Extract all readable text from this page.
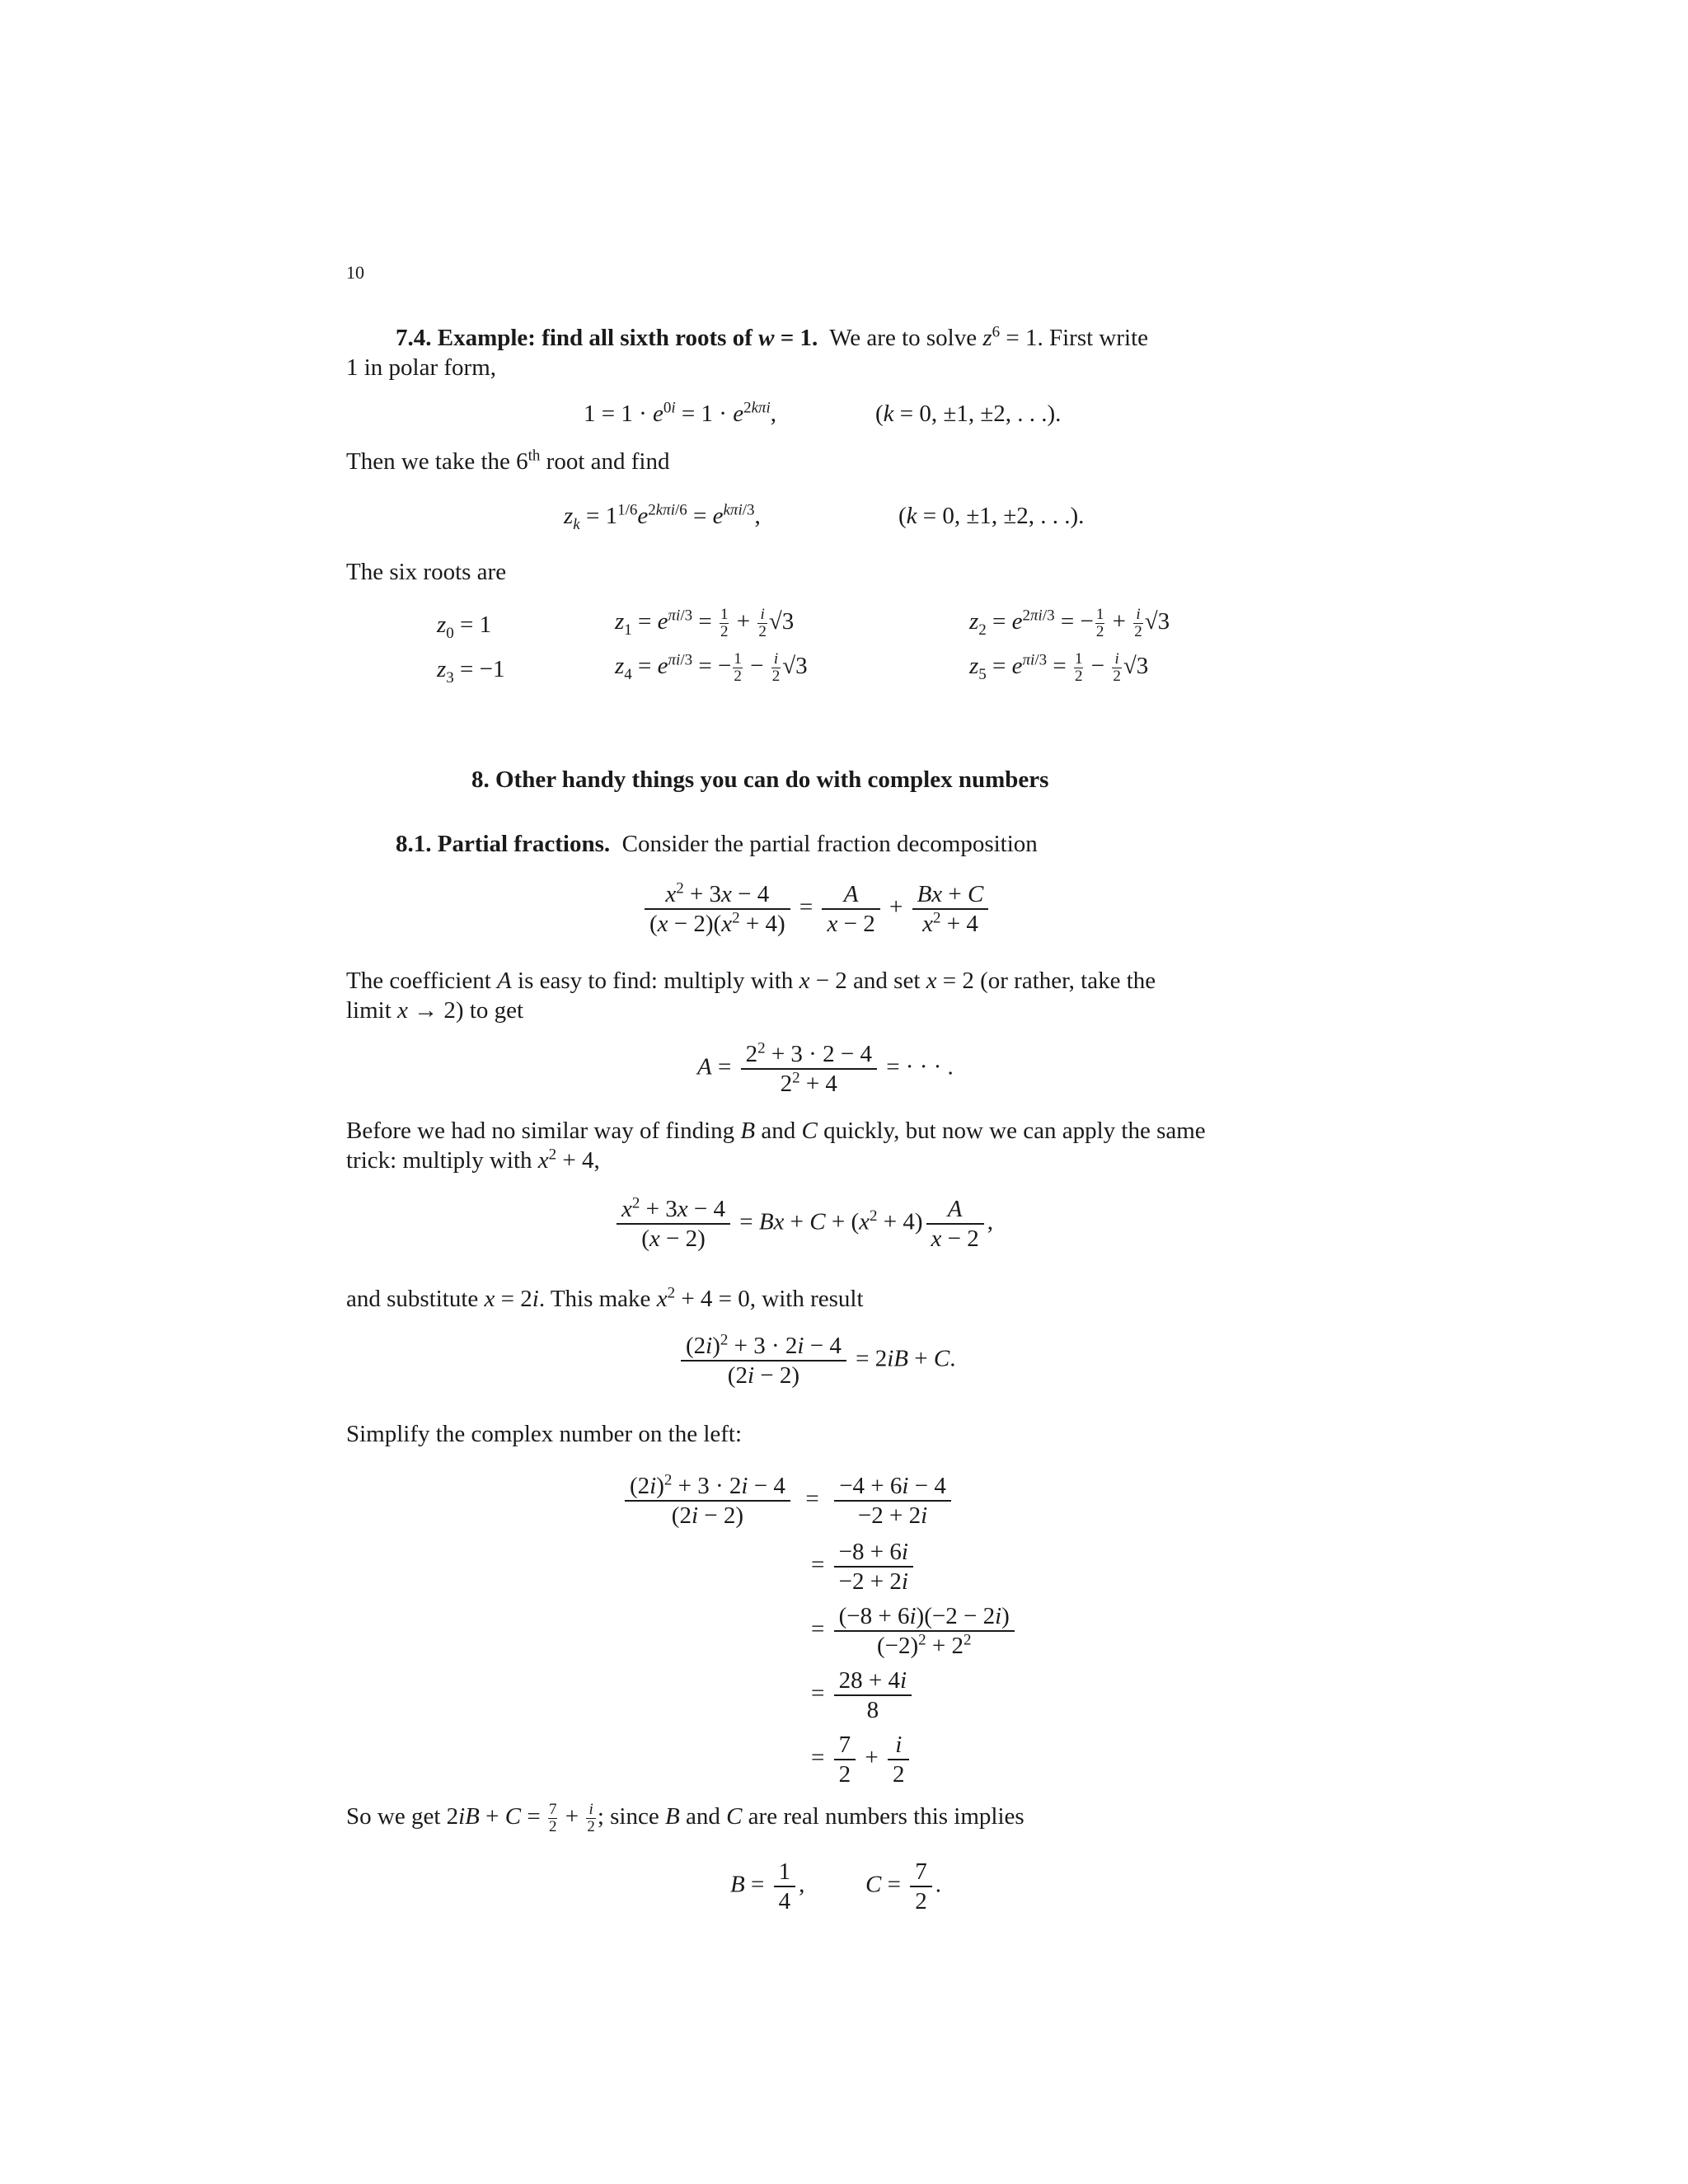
10
7.4. Example: find all sixth roots of w = 1.  We are to solve $z^6 = 1$. First write
1 in polar form,
$1 = 1 \cdot e^{0i} = 1 \cdot e^{2k\pi i}$,	(k = 0, ±1, ±2, . . .).
Then we take the 6th root and find
$z_k = 1^{1/6}e^{2k\pi i/6} = e^{k\pi i/3}$,	(k = 0, ±1, ±2, . . .).
The six roots are
$z_0 = 1$	$z_1 = e^{\pi i/3} = \frac{1}{2} + \frac{i}{2} √3$	$z_2 = e^{2\pi i/3}$ = − $\frac{1}{2} + \frac{i}{2} √3$
$z_3 = -1$	$z_4 = e^{\pi i/3}$ = − $\frac{1}{2} - \frac{i}{2} √3$	$z_5 = e^{\pi i/3} = \frac{1}{2} - \frac{i}{2} √3$
8. Other handy things you can do with complex numbers
8.1. Partial fractions. Consider the partial fraction decomposition
$\frac{x^2 + 3x - 4}{(x - 2)(x^2 + 4)} = \frac{A}{x - 2} + \frac{Bx + C}{x^2 + 4}$
The coefficient A is easy to find: multiply with x − 2 and set x = 2 (or rather, take the
limit x → 2) to get
$A = \frac{2^2 + 3 \cdot 2 - 4}{2^2 + 4}$ = · · · .
Before we had no similar way of finding B and C quickly, but now we can apply the same
trick: multiply with $x^2 + 4$,
$\frac{x^2 + 3x - 4}{(x - 2)} = Bx + C + (x^2 + 4) \frac{A}{x - 2}$ ,
and substitute x = 2i. This make $x^2 + 4 = 0$, with result
$\frac{(2i)^2 + 3 \cdot 2i - 4}{(2i - 2)} = 2iB + C$.
Simplify the complex number on the left:
$\frac{(2i)^2 + 3 \cdot 2i - 4}{(2i - 2)} = \frac{-4 + 6i - 4}{-2 + 2i}$
= $\frac{-8 + 6i}{-2 + 2i}$
= $\frac{(-8 + 6i)(-2 - 2i)}{(-2)^2 + 2^2}$
= $\frac{28 + 4i}{8}$
= $\frac{7}{2} + \frac{i}{2}$
So we get $2iB + C = \frac{7}{2} + \frac{i}{2}$ ; since B and C are real numbers this implies
$B = \frac{1}{4}$ ,	$C = \frac{7}{2}$ .
